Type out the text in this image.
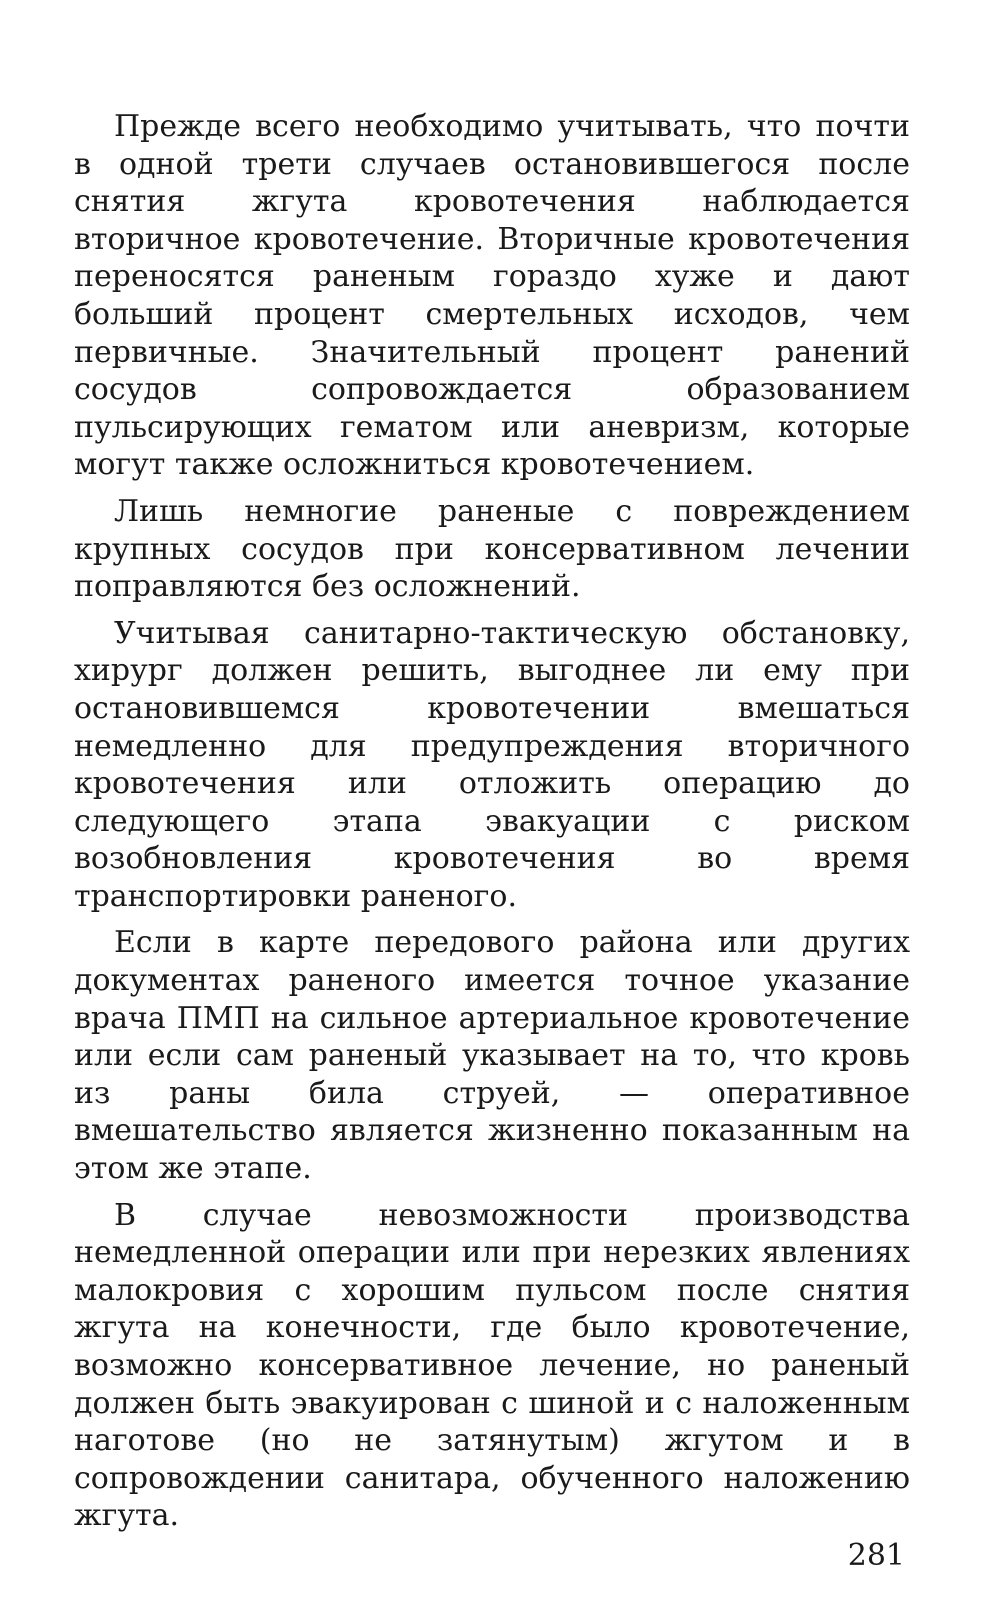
Прежде всего необходимо учитывать, что почти в одной трети случаев остановившегося после снятия жгута кровотечения наблюдается вторичное кровотечение. Вторичные кровотечения переносятся раненым гораздо хуже и дают больший процент смертельных исходов, чем первичные. Значительный процент ранений сосудов сопровождается образованием пульсирующих гематом или аневризм, которые могут также осложниться кровотечением.

Лишь немногие раненые с повреждением крупных сосудов при консервативном лечении поправляются без осложнений.

Учитывая санитарно-тактическую обстановку, хирург должен решить, выгоднее ли ему при остановившемся кровотечении вмешаться немедленно для предупреждения вторичного кровотечения или отложить операцию до следующего этапа эвакуации с риском возобновления кровотечения во время транспортировки раненого.

Если в карте передового района или других документах раненого имеется точное указание врача ПМП на сильное артериальное кровотечение или если сам раненый указывает на то, что кровь из раны била струей, — оперативное вмешательство является жизненно показанным на этом же этапе.

В случае невозможности производства немедленной операции или при нерезких явлениях малокровия с хорошим пульсом после снятия жгута на конечности, где было кровотечение, возможно консервативное лечение, но раненый должен быть эвакуирован с шиной и с наложенным наготове (но не затянутым) жгутом и в сопровождении санитара, обученного наложению жгута.

281
